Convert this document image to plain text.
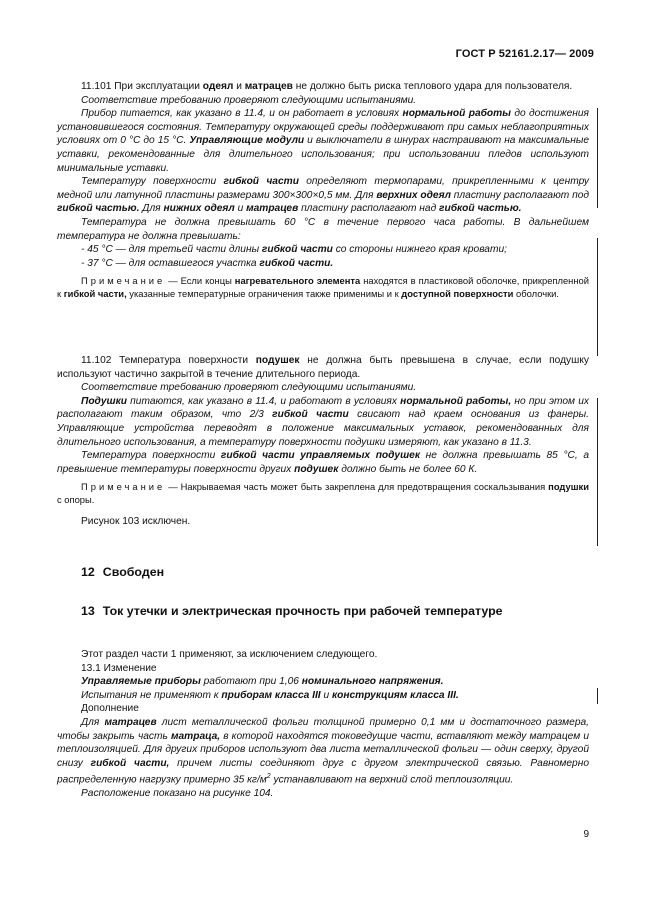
ГОСТ Р 52161.2.17— 2009

11.101 При эксплуатации одеял и матрацев не должно быть риска теплового удара для пользователя.

Соответствие требованию проверяют следующими испытаниями.

Прибор питается, как указано в 11.4, и он работает в условиях нормальной работы до достижения установившегося состояния. Температуру окружающей среды поддерживают при самых неблагоприятных условиях от 0 °С до 15 °С. Управляющие модули и выключатели в шнурах настраивают на максимальные уставки, рекомендованные для длительного использования; при использовании пледов используют минимальные уставки.

Температуру поверхности гибкой части определяют термопарами, прикрепленными к центру медной или латунной пластины размерами 300×300×0,5 мм. Для верхних одеял пластину располагают под гибкой частью. Для нижних одеял и матрацев пластину располагают над гибкой частью.

Температура не должна превышать 60 °С в течение первого часа работы. В дальнейшем температура не должна превышать:

- 45 °С — для третьей части длины гибкой части со стороны нижнего края кровати;

- 37 °С — для оставшегося участка гибкой части.

Примечание — Если концы нагревательного элемента находятся в пластиковой оболочке, прикрепленной к гибкой части, указанные температурные ограничения также применимы и к доступной поверхности оболочки.

11.102 Температура поверхности подушек не должна быть превышена в случае, если подушку используют частично закрытой в течение длительного периода.

Соответствие требованию проверяют следующими испытаниями.

Подушки питаются, как указано в 11.4, и работают в условиях нормальной работы, но при этом их располагают таким образом, что 2/3 гибкой части свисают над краем основания из фанеры. Управляющие устройства переводят в положение максимальных уставок, рекомендованных для длительного использования, а температуру поверхности подушки измеряют, как указано в 11.3.

Температура поверхности гибкой части управляемых подушек не должна превышать 85 °С, а превышение температуры поверхности других подушек должно быть не более 60 К.

Примечание — Накрываемая часть может быть закреплена для предотвращения соскальзывания подушки с опоры.

Рисунок 103 исключен.

12 Свободен
13 Ток утечки и электрическая прочность при рабочей температуре

Этот раздел части 1 применяют, за исключением следующего.

13.1 Изменение

Управляемые приборы работают при 1,06 номинального напряжения.

Испытания не применяют к приборам класса III и конструкциям класса III.

Дополнение

Для матрацев лист металлической фольги толщиной примерно 0,1 мм и достаточного размера, чтобы закрыть часть матраца, в которой находятся токоведущие части, вставляют между матрацем и теплоизоляцией. Для других приборов используют два листа металлической фольги — один сверху, другой снизу гибкой части, причем листы соединяют друг с другом электрической связью. Равномерно распределенную нагрузку примерно 35 $кг/м^2$ устанавливают на верхний слой теплоизоляции.

Расположение показано на рисунке 104.

9
